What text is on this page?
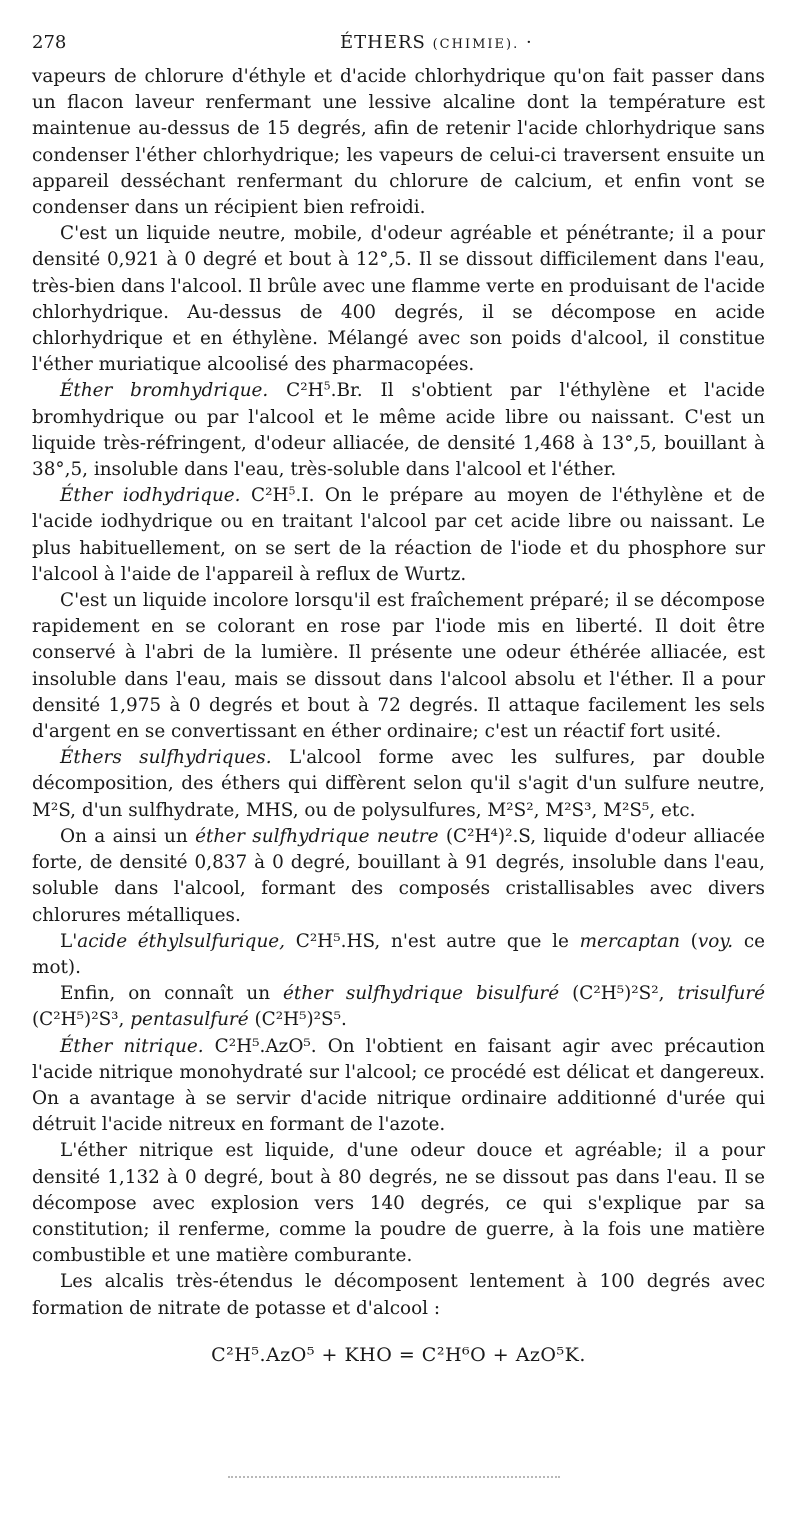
278	ÉTHERS (CHIMIE). ·

vapeurs de chlorure d'éthyle et d'acide chlorhydrique qu'on fait passer dans un flacon laveur renfermant une lessive alcaline dont la température est maintenue au-dessus de 15 degrés, afin de retenir l'acide chlorhydrique sans condenser l'éther chlorhydrique; les vapeurs de celui-ci traversent ensuite un appareil desséchant renfermant du chlorure de calcium, et enfin vont se condenser dans un récipient bien refroidi.

C'est un liquide neutre, mobile, d'odeur agréable et pénétrante; il a pour densité 0,921 à 0 degré et bout à 12°,5. Il se dissout difficilement dans l'eau, très-bien dans l'alcool. Il brûle avec une flamme verte en produisant de l'acide chlorhydrique. Au-dessus de 400 degrés, il se décompose en acide chlorhydrique et en éthylène. Mélangé avec son poids d'alcool, il constitue l'éther muriatique alcoolisé des pharmacopées.

Éther bromhydrique. $C^2H^5.Br$. Il s'obtient par l'éthylène et l'acide bromhydrique ou par l'alcool et le même acide libre ou naissant. C'est un liquide très-réfringent, d'odeur alliacée, de densité 1,468 à 13°,5, bouillant à 38°,5, insoluble dans l'eau, très-soluble dans l'alcool et l'éther.

Éther iodhydrique. $C^2H^5.I$. On le prépare au moyen de l'éthylène et de l'acide iodhydrique ou en traitant l'alcool par cet acide libre ou naissant. Le plus habituellement, on se sert de la réaction de l'iode et du phosphore sur l'alcool à l'aide de l'appareil à reflux de Wurtz.

C'est un liquide incolore lorsqu'il est fraîchement préparé; il se décompose rapidement en se colorant en rose par l'iode mis en liberté. Il doit être conservé à l'abri de la lumière. Il présente une odeur éthérée alliacée, est insoluble dans l'eau, mais se dissout dans l'alcool absolu et l'éther. Il a pour densité 1,975 à 0 degrés et bout à 72 degrés. Il attaque facilement les sels d'argent en se convertissant en éther ordinaire; c'est un réactif fort usité.

Éthers sulfhydriques. L'alcool forme avec les sulfures, par double décomposition, des éthers qui diffèrent selon qu'il s'agit d'un sulfure neutre, M²S, d'un sulfhydrate, MHS, ou de polysulfures, M²S², M²S³, M²S⁵, etc.

On a ainsi un éther sulfhydrique neutre (C²H⁴)².S, liquide d'odeur alliacée forte, de densité 0,837 à 0 degré, bouillant à 91 degrés, insoluble dans l'eau, soluble dans l'alcool, formant des composés cristallisables avec divers chlorures métalliques.

L'acide éthylsulfurique, C²H⁵.HS, n'est autre que le mercaptan (voy. ce mot).

Enfin, on connaît un éther sulfhydrique bisulfuré (C²H⁵)²S², trisulfuré (C²H⁵)²S³, pentasulfuré (C²H⁵)²S⁵.

Éther nitrique. C²H⁵.AzO⁵. On l'obtient en faisant agir avec précaution l'acide nitrique monohydraté sur l'alcool; ce procédé est délicat et dangereux. On a avantage à se servir d'acide nitrique ordinaire additionné d'urée qui détruit l'acide nitreux en formant de l'azote.

L'éther nitrique est liquide, d'une odeur douce et agréable; il a pour densité 1,132 à 0 degré, bout à 80 degrés, ne se dissout pas dans l'eau. Il se décompose avec explosion vers 140 degrés, ce qui s'explique par sa constitution; il renferme, comme la poudre de guerre, à la fois une matière combustible et une matière comburante.

Les alcalis très-étendus le décomposent lentement à 100 degrés avec formation de nitrate de potasse et d'alcool :

C²H⁵.AzO⁵ + KHO = C²H⁶O + AzO⁵K.
